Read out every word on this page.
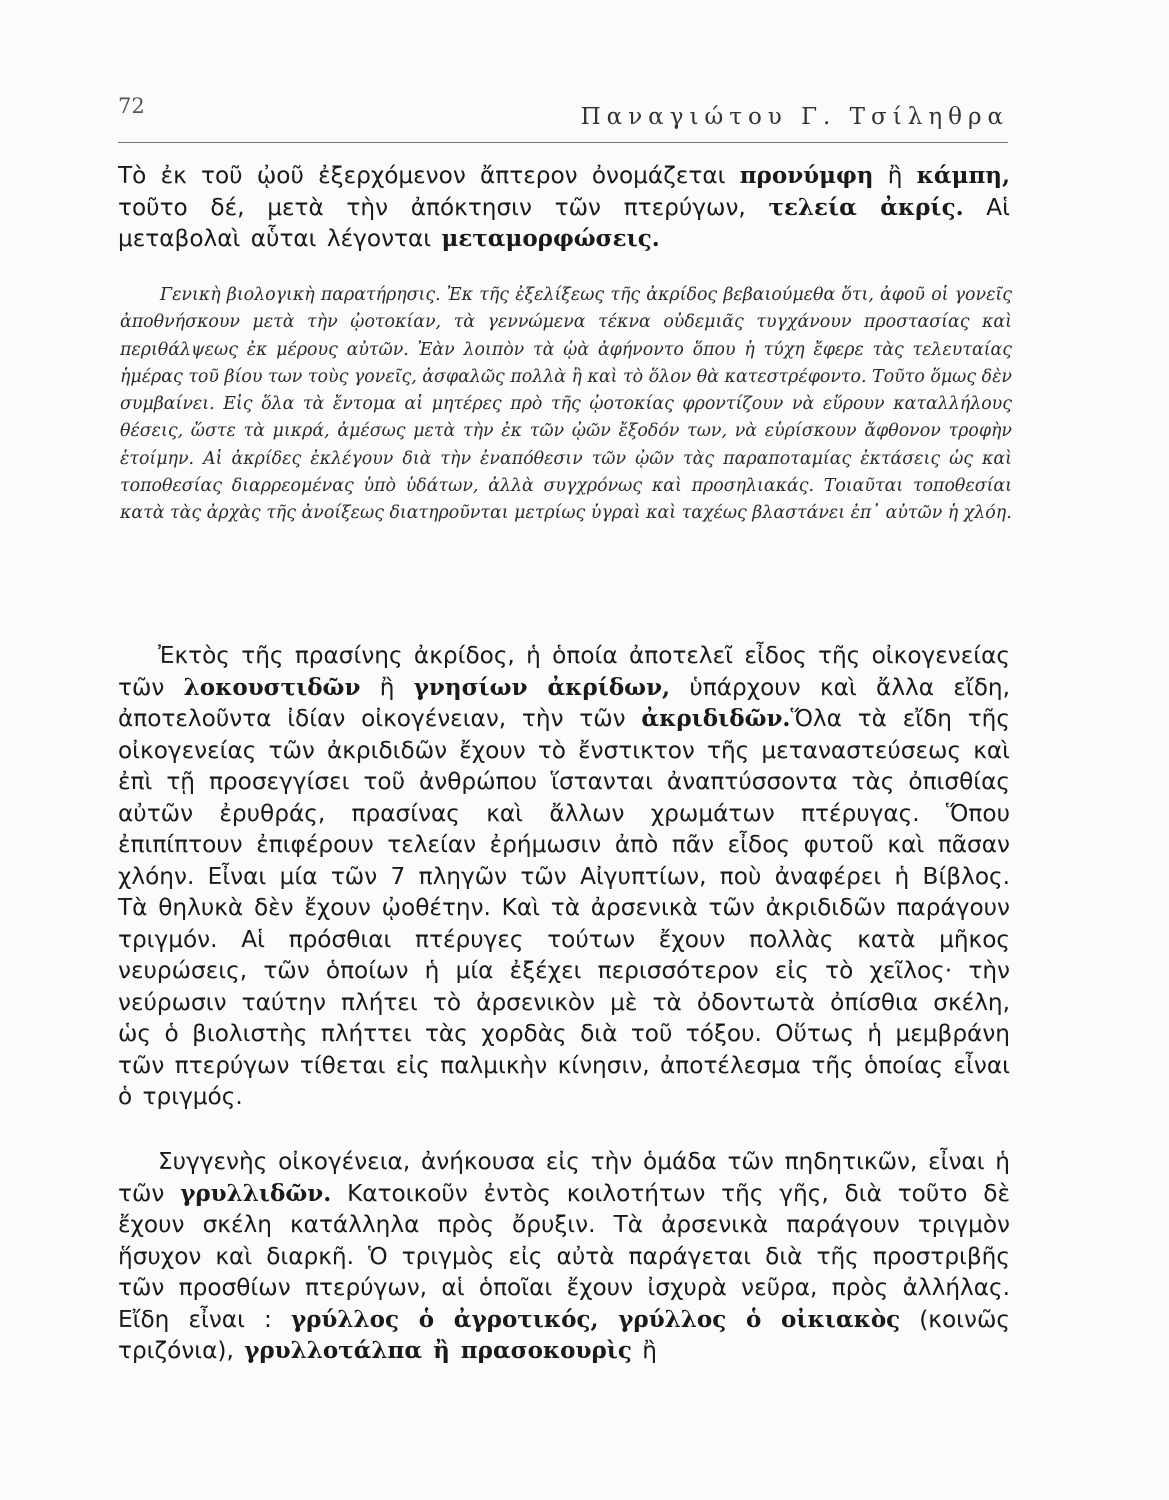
72	Παναγιώτου Γ. Τσίληθρα

Τὸ ἐκ τοῦ ᾠοῦ ἐξερχόμενον ἄπτερον ὀνομάζεται προνύμφη ἢ κάμπη, τοῦτο δέ, μετὰ τὴν ἀπόκτησιν τῶν πτερύγων, τελεία ἀκρίς. Αἱ μεταβολαὶ αὗται λέγονται μεταμορφώσεις.

Γενικὴ βιολογικὴ παρατήρησις. Ἐκ τῆς ἐξελίξεως τῆς ἀκρίδος βεβαιούμεθα ὅτι, ἀφοῦ οἱ γονεῖς ἀποθνήσκουν μετὰ τὴν ᾠοτοκίαν, τὰ γεννώμενα τέκνα οὐδεμιᾶς τυγχάνουν προστασίας καὶ περιθάλψεως ἐκ μέρους αὐτῶν. Ἐὰν λοιπὸν τὰ ᾠὰ ἀφήνοντο ὅπου ἡ τύχη ἔφερε τὰς τελευταίας ἡμέρας τοῦ βίου των τοὺς γονεῖς, ἀσφαλῶς πολλὰ ἢ καὶ τὸ ὅλον θὰ κατεστρέφοντο. Τοῦτο ὅμως δὲν συμβαίνει. Εἰς ὅλα τὰ ἔντομα αἱ μητέρες πρὸ τῆς ᾠοτοκίας φροντίζουν νὰ εὕρουν καταλλήλους θέσεις, ὥστε τὰ μικρά, ἀμέσως μετὰ τὴν ἐκ τῶν ᾠῶν ἔξοδόν των, νὰ εὑρίσκουν ἄφθονον τροφὴν ἑτοίμην. Αἱ ἀκρίδες ἐκλέγουν διὰ τὴν ἐναπόθεσιν τῶν ᾠῶν τὰς παραποταμίας ἐκτάσεις ὡς καὶ τοποθεσίας διαρρεομένας ὑπὸ ὑδάτων, ἀλλὰ συγχρόνως καὶ προσηλιακάς. Τοιαῦται τοποθεσίαι κατὰ τὰς ἀρχὰς τῆς ἀνοίξεως διατηροῦνται μετρίως ὑγραὶ καὶ ταχέως βλαστάνει ἐπ᾽ αὐτῶν ἡ χλόη.

Ἐκτὸς τῆς πρασίνης ἀκρίδος, ἡ ὁποία ἀποτελεῖ εἶδος τῆς οἰκογενείας τῶν λοκουστιδῶν ἢ γνησίων ἀκρίδων, ὑπάρχουν καὶ ἄλλα εἴδη, ἀποτελοῦντα ἰδίαν οἰκογένειαν, τὴν τῶν ἀκριδιδῶν.Ὅλα τὰ εἴδη τῆς οἰκογενείας τῶν ἀκριδιδῶν ἔχουν τὸ ἔνστικτον τῆς μεταναστεύσεως καὶ ἐπὶ τῇ προσεγγίσει τοῦ ἀνθρώπου ἵστανται ἀναπτύσσοντα τὰς ὀπισθίας αὐτῶν ἐρυθράς, πρασίνας καὶ ἄλλων χρωμάτων πτέρυγας. Ὅπου ἐπιπίπτουν ἐπιφέρουν τελείαν ἐρήμωσιν ἀπὸ πᾶν εἶδος φυτοῦ καὶ πᾶσαν χλόην. Εἶναι μία τῶν 7 πληγῶν τῶν Αἰγυπτίων, ποὺ ἀναφέρει ἡ Βίβλος. Τὰ θηλυκὰ δὲν ἔχουν ᾠοθέτην. Καὶ τὰ ἀρσενικὰ τῶν ἀκριδιδῶν παράγουν τριγμόν. Αἱ πρόσθιαι πτέρυγες τούτων ἔχουν πολλὰς κατὰ μῆκος νευρώσεις, τῶν ὁποίων ἡ μία ἐξέχει περισσότερον εἰς τὸ χεῖλος· τὴν νεύρωσιν ταύτην πλήτει τὸ ἀρσενικὸν μὲ τὰ ὀδοντωτὰ ὀπίσθια σκέλη, ὡς ὁ βιολιστὴς πλήττει τὰς χορδὰς διὰ τοῦ τόξου. Οὕτως ἡ μεμβράνη τῶν πτερύγων τίθεται εἰς παλμικὴν κίνησιν, ἀποτέλεσμα τῆς ὁποίας εἶναι ὁ τριγμός.

Συγγενὴς οἰκογένεια, ἀνήκουσα εἰς τὴν ὁμάδα τῶν πηδητικῶν, εἶναι ἡ τῶν γρυλλιδῶν. Κατοικοῦν ἐντὸς κοιλοτήτων τῆς γῆς, διὰ τοῦτο δὲ ἔχουν σκέλη κατάλληλα πρὸς ὄρυξιν. Τὰ ἀρσενικὰ παράγουν τριγμὸν ἥσυχον καὶ διαρκῆ. Ὁ τριγμὸς εἰς αὐτὰ παράγεται διὰ τῆς προστριβῆς τῶν προσθίων πτερύγων, αἱ ὁποῖαι ἔχουν ἰσχυρὰ νεῦρα, πρὸς ἀλλήλας. Εἴδη εἶναι : γρύλλος ὁ ἀγροτικός, γρύλλος ὁ οἰκιακὸς (κοινῶς τριζόνια), γρυλλοτάλπα ἢ πρασοκουρὶς ἢ
